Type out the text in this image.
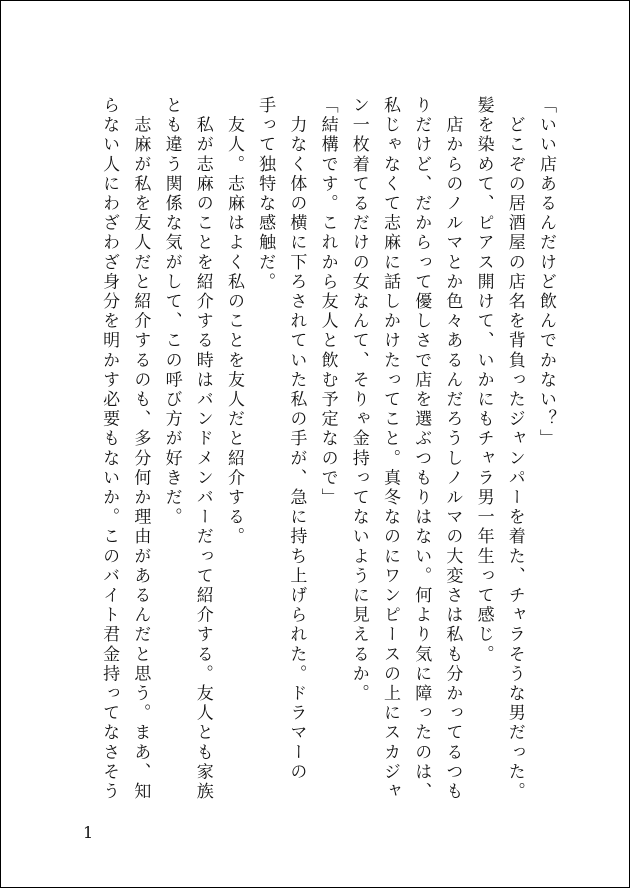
「いい店あるんだけど飲んでかない？」
　どこぞの居酒屋の店名を背負ったジャンパーを着た、チャラそうな男だった。
髪を染めて、ピアス開けて、いかにもチャラ男一年生って感じ。
　店からのノルマとか色々あるんだろうしノルマの大変さは私も分かってるつも
りだけど、だからって優しさで店を選ぶつもりはない。何より気に障ったのは、
私じゃなくて志麻に話しかけたってこと。真冬なのにワンピースの上にスカジャ
ン一枚着てるだけの女なんて、そりゃ金持ってないように見えるか。
「結構です。これから友人と飲む予定なので」
　力なく体の横に下ろされていた私の手が、急に持ち上げられた。ドラマーの
手って独特な感触だ。
　友人。志麻はよく私のことを友人だと紹介する。
　私が志麻のことを紹介する時はバンドメンバーだって紹介する。友人とも家族
とも違う関係な気がして、この呼び方が好きだ。
　志麻が私を友人だと紹介するのも、多分何か理由があるんだと思う。まあ、知
らない人にわざわざ身分を明かす必要もないか。このバイト君金持ってなさそう
1
